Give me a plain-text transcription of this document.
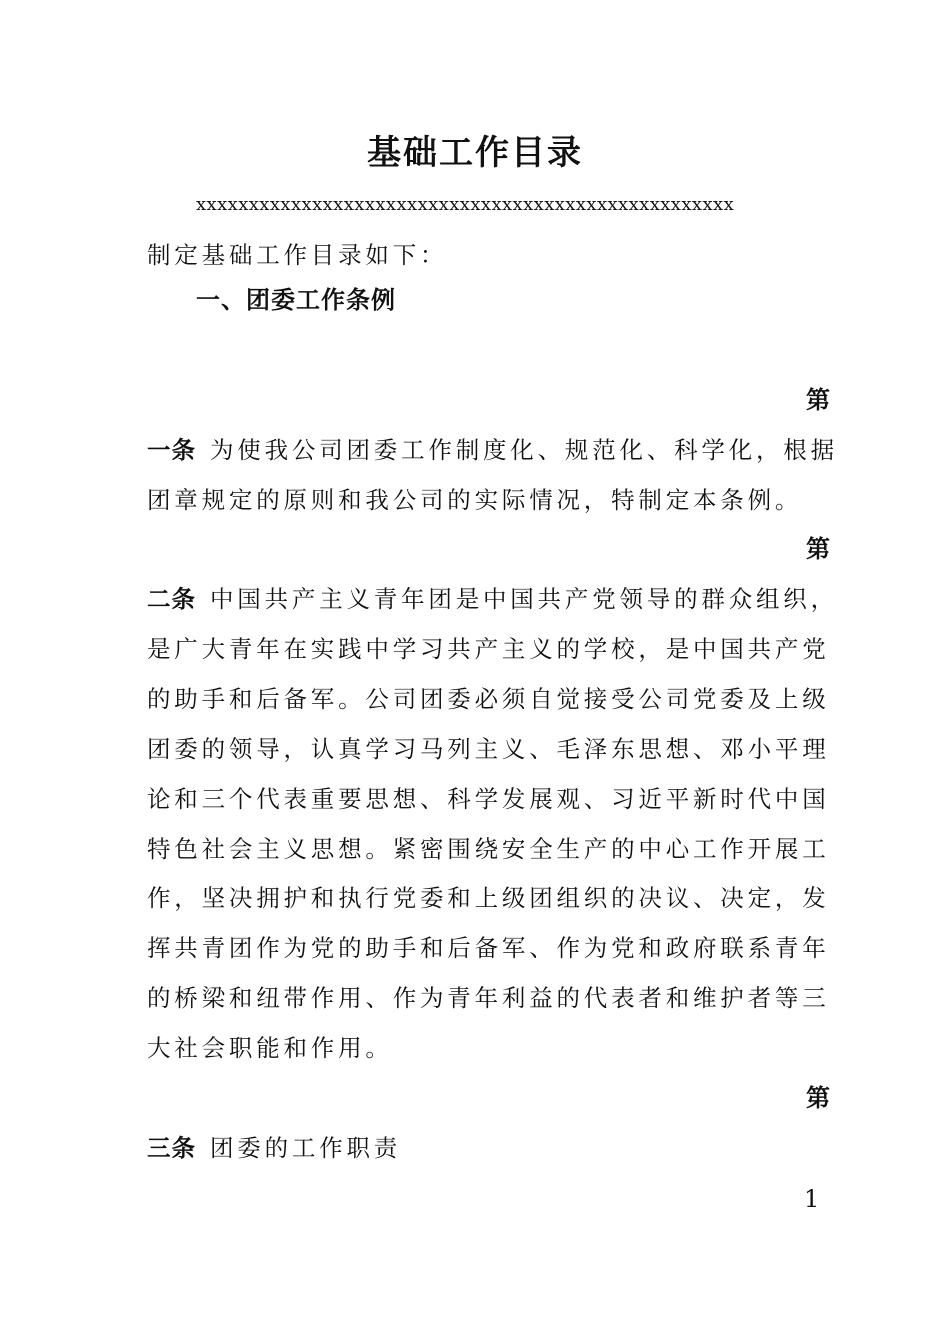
基础工作目录
xxxxxxxxxxxxxxxxxxxxxxxxxxxxxxxxxxxxxxxxxxxxxxxxxxx
制定基础工作目录如下：
一、团委工作条例
第
一条 为使我公司团委工作制度化、规范化、科学化，根据
团章规定的原则和我公司的实际情况，特制定本条例。
第
二条 中国共产主义青年团是中国共产党领导的群众组织，
是广大青年在实践中学习共产主义的学校，是中国共产党
的助手和后备军。公司团委必须自觉接受公司党委及上级
团委的领导，认真学习马列主义、毛泽东思想、邓小平理
论和三个代表重要思想、科学发展观、习近平新时代中国
特色社会主义思想。紧密围绕安全生产的中心工作开展工
作，坚决拥护和执行党委和上级团组织的决议、决定，发
挥共青团作为党的助手和后备军、作为党和政府联系青年
的桥梁和纽带作用、作为青年利益的代表者和维护者等三
大社会职能和作用。
第
三条 团委的工作职责
1
